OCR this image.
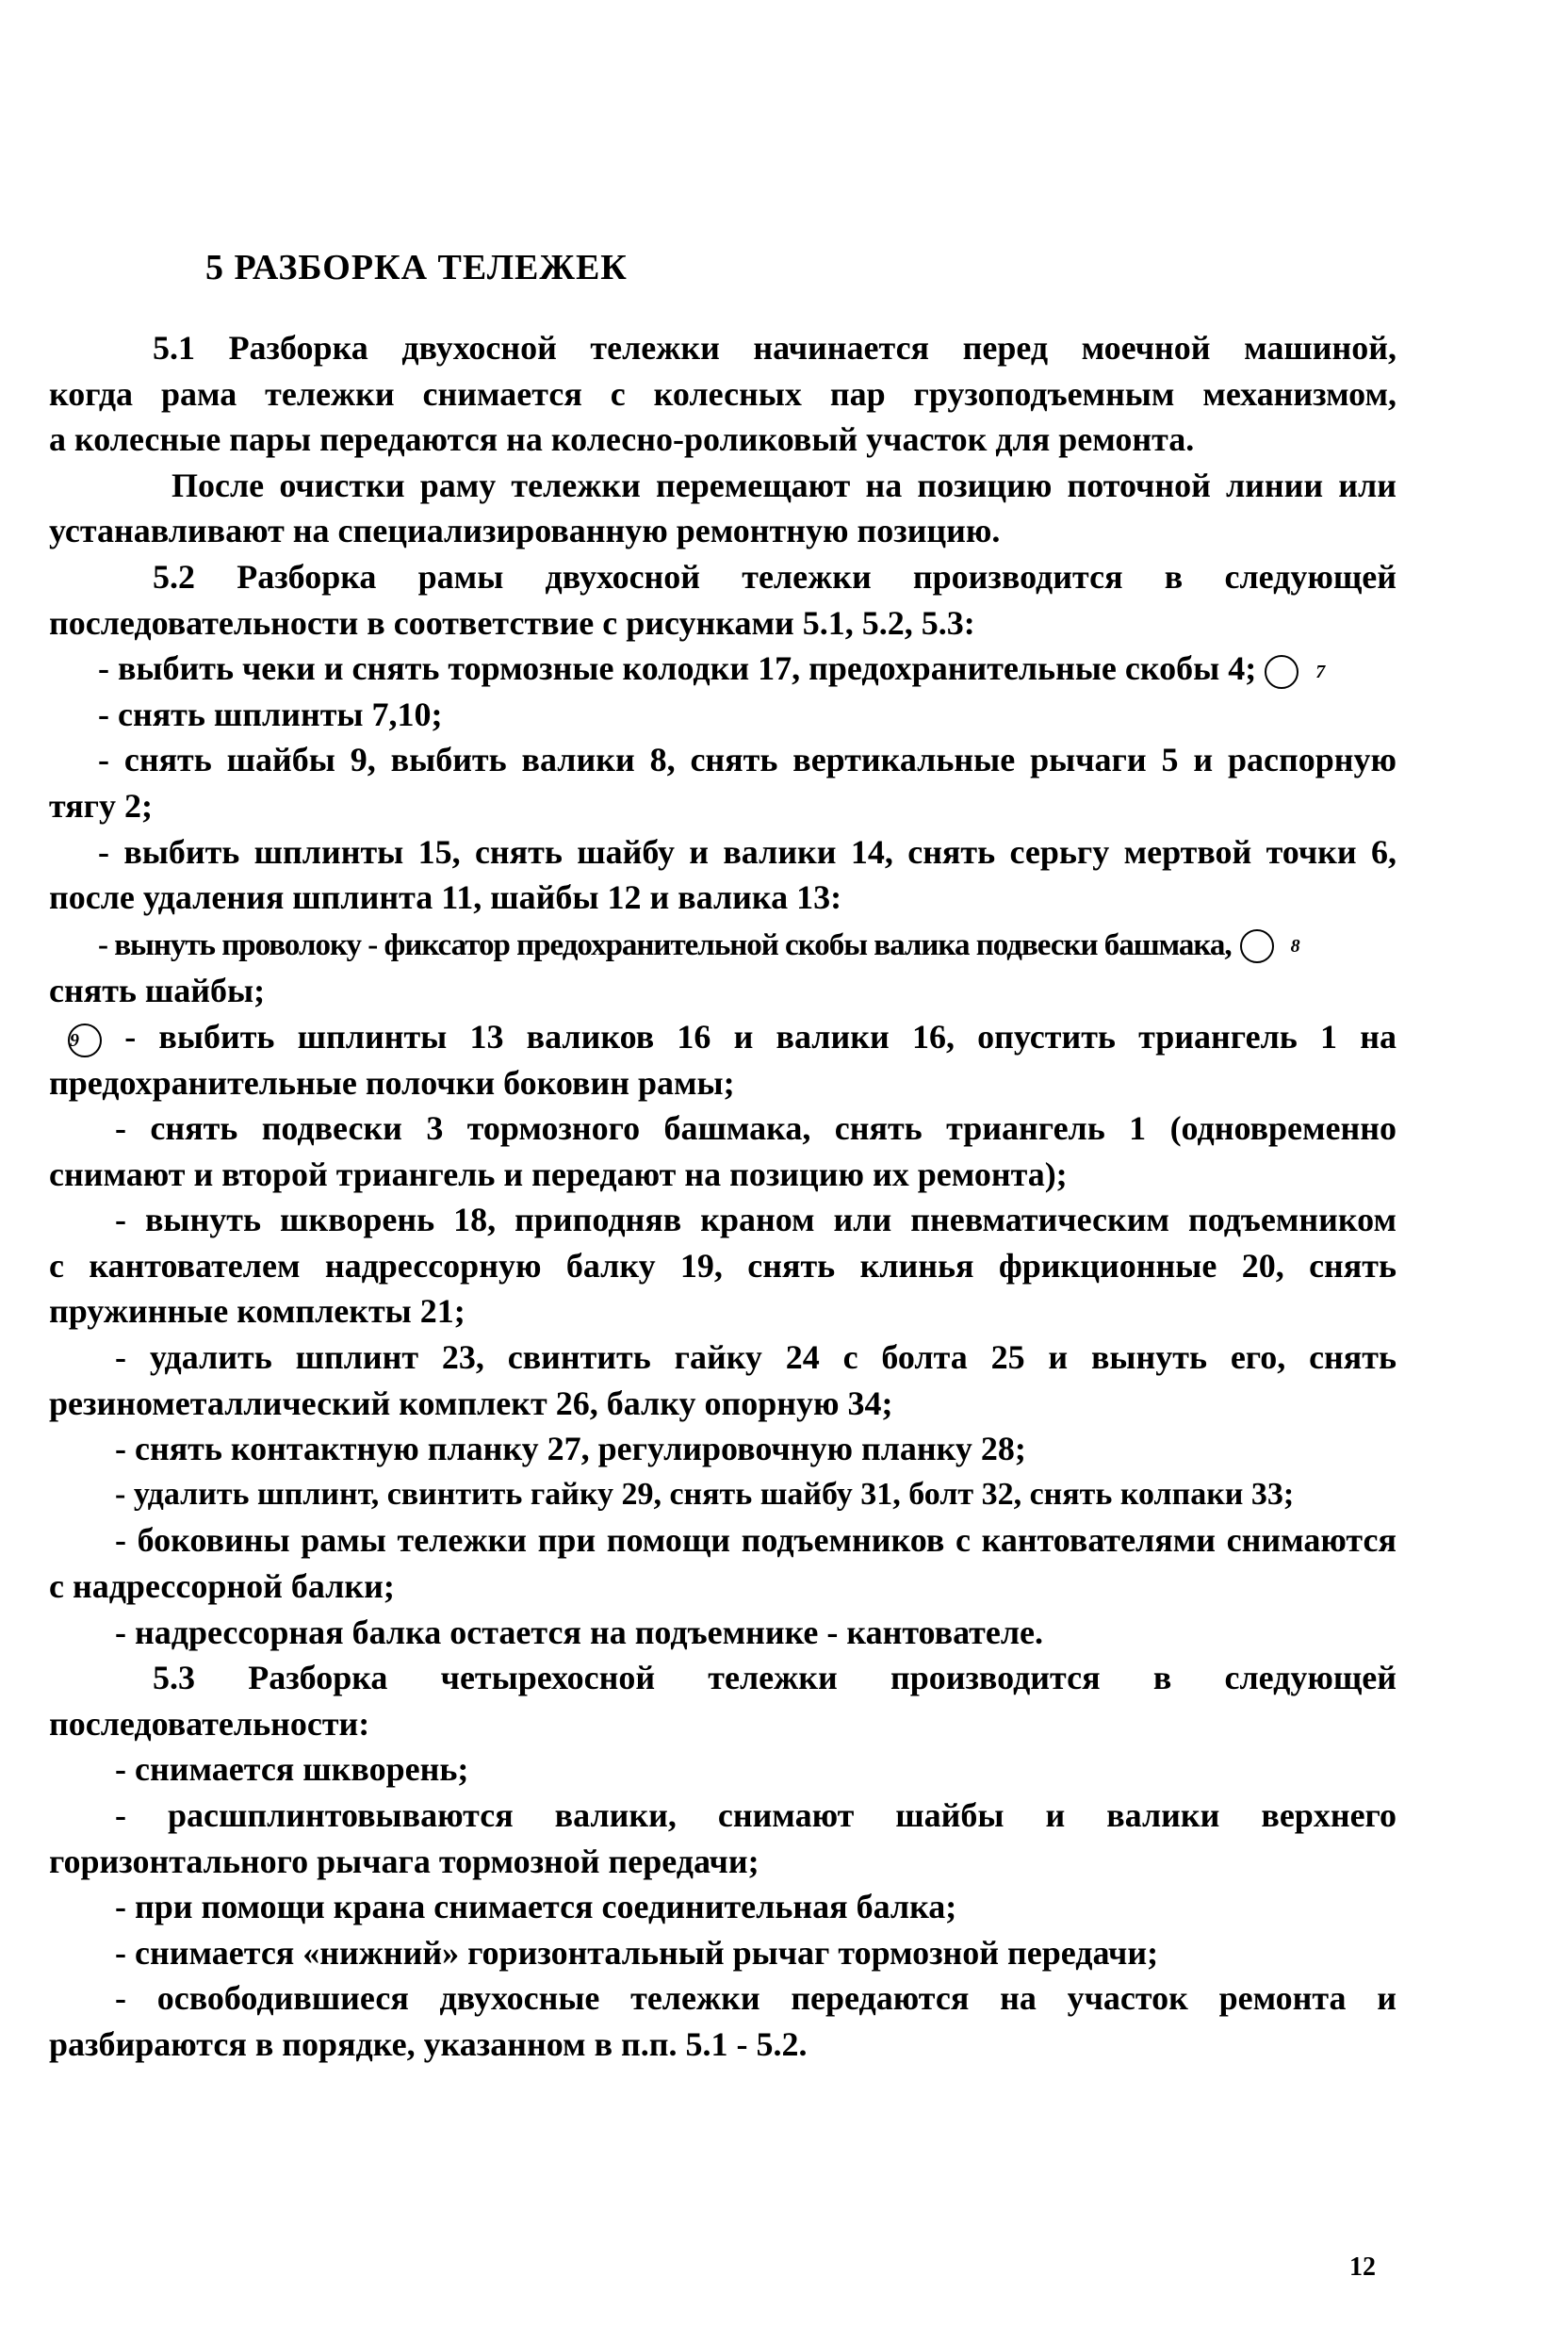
5 РАЗБОРКА ТЕЛЕЖЕК

5.1 Разборка двухосной тележки начинается перед моечной машиной,

когда рама тележки снимается с колесных пар грузоподъемным механизмом,

а колесные пары передаются на колесно-роликовый участок для ремонта.

После очистки раму тележки перемещают на позицию поточной линии или

устанавливают на специализированную ремонтную позицию.

5.2 Разборка рамы двухосной тележки производится в следующей

последовательности в соответствие с рисунками 5.1, 5.2, 5.3:

- выбить чеки и снять тормозные колодки 17, предохранительные скобы 4;	7

- снять шплинты 7,10;

- снять шайбы 9, выбить валики 8, снять вертикальные рычаги 5 и распорную

тягу 2;

- выбить шплинты 15, снять шайбу и валики 14, снять серьгу мертвой точки 6,

после удаления шплинта 11, шайбы 12 и валика 13:

- вынуть проволоку - фиксатор предохранительной скобы валика подвески башмака,	8

снять шайбы;

9 - выбить шплинты 13 валиков 16 и валики 16, опустить триангель 1 на

предохранительные полочки боковин рамы;

- снять подвески 3 тормозного башмака, снять триангель 1 (одновременно

снимают и второй триангель и передают на позицию их ремонта);

- вынуть шкворень 18, приподняв краном или пневматическим подъемником

с кантователем надрессорную балку 19, снять клинья фрикционные 20, снять

пружинные комплекты 21;

- удалить шплинт 23, свинтить гайку 24 с болта 25 и вынуть его, снять

резинометаллический комплект 26, балку опорную 34;

- снять контактную планку 27, регулировочную планку 28;

- удалить шплинт, свинтить гайку 29, снять шайбу 31, болт 32, снять колпаки 33;

- боковины рамы тележки при помощи подъемников с кантователями снимаются

с надрессорной балки;

- надрессорная балка остается на подъемнике - кантователе.

5.3 Разборка четырехосной тележки производится в следующей

последовательности:

- снимается шкворень;

- расшплинтовываются валики, снимают шайбы и валики верхнего

горизонтального рычага тормозной передачи;

- при помощи крана снимается соединительная балка;

- снимается «нижний» горизонтальный рычаг тормозной передачи;

- освободившиеся двухосные тележки передаются на участок ремонта и

разбираются в порядке, указанном в п.п. 5.1 - 5.2.

12
